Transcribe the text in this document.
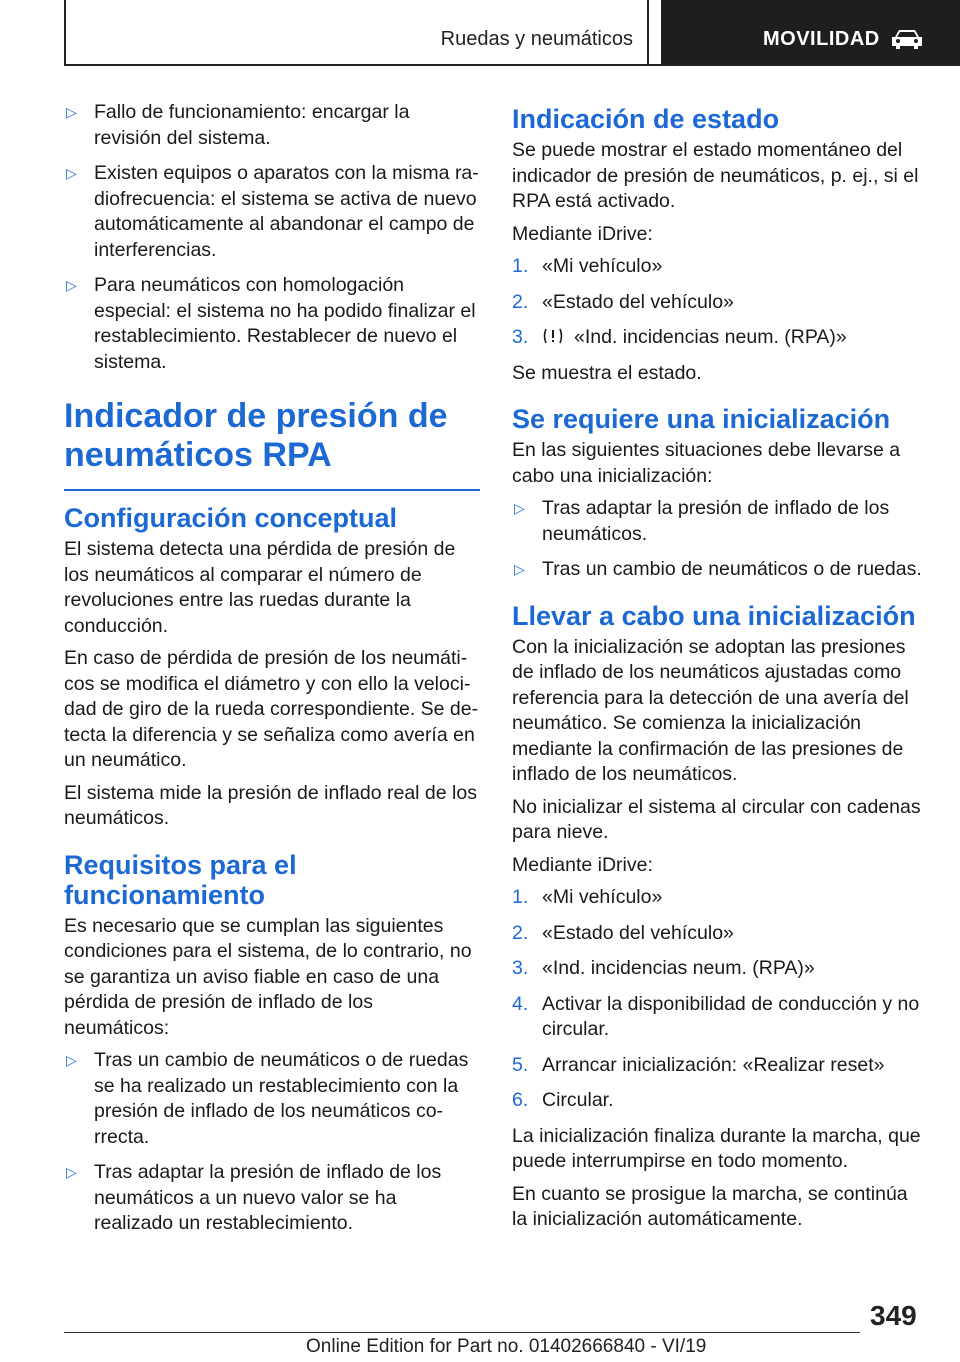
Ruedas y neumáticos	MOVILIDAD
▷ Fallo de funcionamiento: encargar la revisión del sistema.
▷ Existen equipos o aparatos con la misma radiofrecuencia: el sistema se activa de nuevo automáticamente al abandonar el campo de interferencias.
▷ Para neumáticos con homologación especial: el sistema no ha podido finalizar el restablecimiento. Restablecer de nuevo el sistema.
Indicador de presión de neumáticos RPA
Configuración conceptual

El sistema detecta una pérdida de presión de los neumáticos al comparar el número de revoluciones entre las ruedas durante la conducción.

En caso de pérdida de presión de los neumáticos se modifica el diámetro y con ello la velocidad de giro de la rueda correspondiente. Se detecta la diferencia y se señaliza como avería en un neumático.

El sistema mide la presión de inflado real de los neumáticos.

Requisitos para el funcionamiento

Es necesario que se cumplan las siguientes condiciones para el sistema, de lo contrario, no se garantiza un aviso fiable en caso de una pérdida de presión de inflado de los neumáticos:

▷ Tras un cambio de neumáticos o de ruedas se ha realizado un restablecimiento con la presión de inflado de los neumáticos correcta.
▷ Tras adaptar la presión de inflado de los neumáticos a un nuevo valor se ha realizado un restablecimiento.
Indicación de estado

Se puede mostrar el estado momentáneo del indicador de presión de neumáticos, p. ej., si el RPA está activado.

Mediante iDrive:

1. «Mi vehículo»
2. «Estado del vehículo»
3. «Ind. incidencias neum. (RPA)»

Se muestra el estado.

Se requiere una inicialización

En las siguientes situaciones debe llevarse a cabo una inicialización:

▷ Tras adaptar la presión de inflado de los neumáticos.
▷ Tras un cambio de neumáticos o de ruedas.
Llevar a cabo una inicialización

Con la inicialización se adoptan las presiones de inflado de los neumáticos ajustadas como referencia para la detección de una avería del neumático. Se comienza la inicialización mediante la confirmación de las presiones de inflado de los neumáticos.

No inicializar el sistema al circular con cadenas para nieve.

Mediante iDrive:

1. «Mi vehículo»
2. «Estado del vehículo»
3. «Ind. incidencias neum. (RPA)»
4. Activar la disponibilidad de conducción y no circular.
5. Arrancar inicialización: «Realizar reset»
6. Circular.

La inicialización finaliza durante la marcha, que puede interrumpirse en todo momento.

En cuanto se prosigue la marcha, se continúa la inicialización automáticamente.

349
Online Edition for Part no. 01402666840 - VI/19
